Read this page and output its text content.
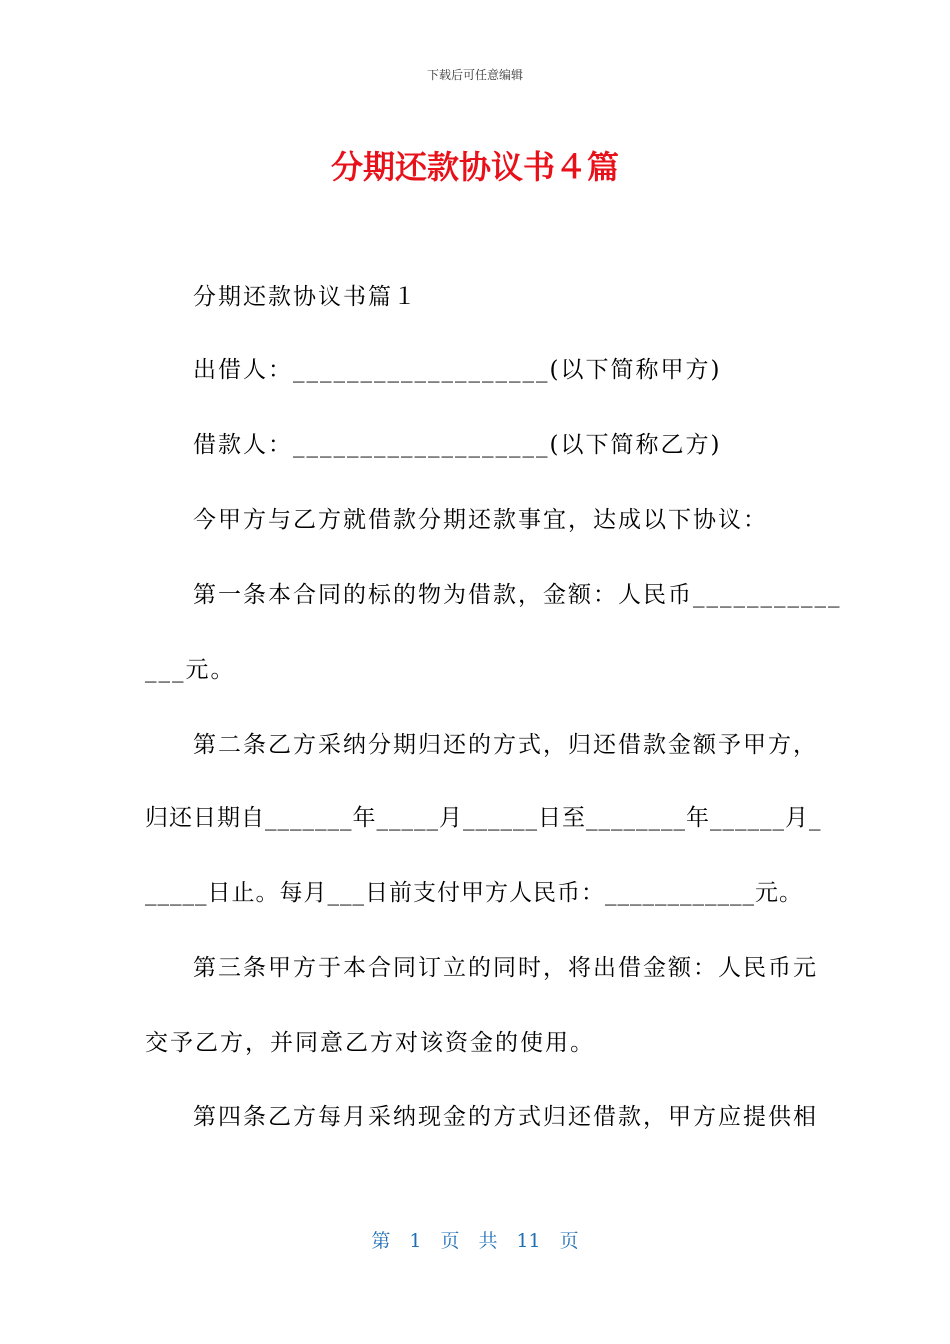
下载后可任意编辑
分期还款协议书４篇
分期还款协议书篇１
出借人：___________________(以下简称甲方)
借款人：___________________(以下简称乙方)
今甲方与乙方就借款分期还款事宜，达成以下协议：
第一条本合同的标的物为借款，金额：人民币___________
___元。
第二条乙方采纳分期归还的方式，归还借款金额予甲方，
归还日期自_______年_____月______日至________年______月_
_____日止。每月___日前支付甲方人民币：____________元。
第三条甲方于本合同订立的同时，将出借金额：人民币元
交予乙方，并同意乙方对该资金的使用。
第四条乙方每月采纳现金的方式归还借款，甲方应提供相
第　1　页　共　11　页
